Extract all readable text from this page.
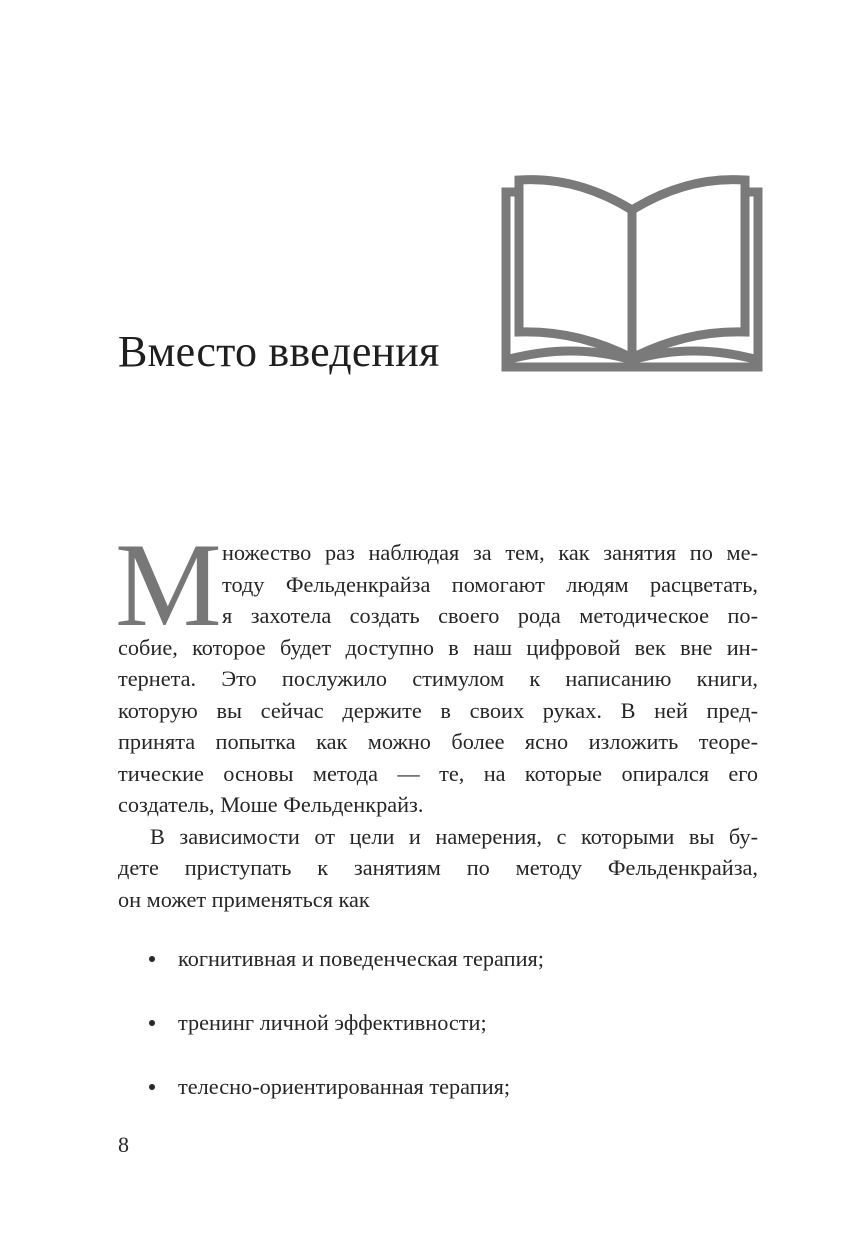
Вместо введения
М ножество раз наблюдая за тем, как занятия по ме-
тоду Фельденкрайза помогают людям расцветать,
я захотела создать своего рода методическое по-
собие, которое будет доступно в наш цифровой век вне ин-
тернета. Это послужило стимулом к написанию книги,
которую вы сейчас держите в своих руках. В ней пред-
принята попытка как можно более ясно изложить теоре-
тические основы метода — те, на которые опирался его
создатель, Моше Фельденкрайз.

В зависимости от цели и намерения, с которыми вы бу-
дете приступать к занятиям по методу Фельденкрайза,
он может применяться как

когнитивная и поведенческая терапия;
тренинг личной эффективности;
телесно-ориентированная терапия;
8
